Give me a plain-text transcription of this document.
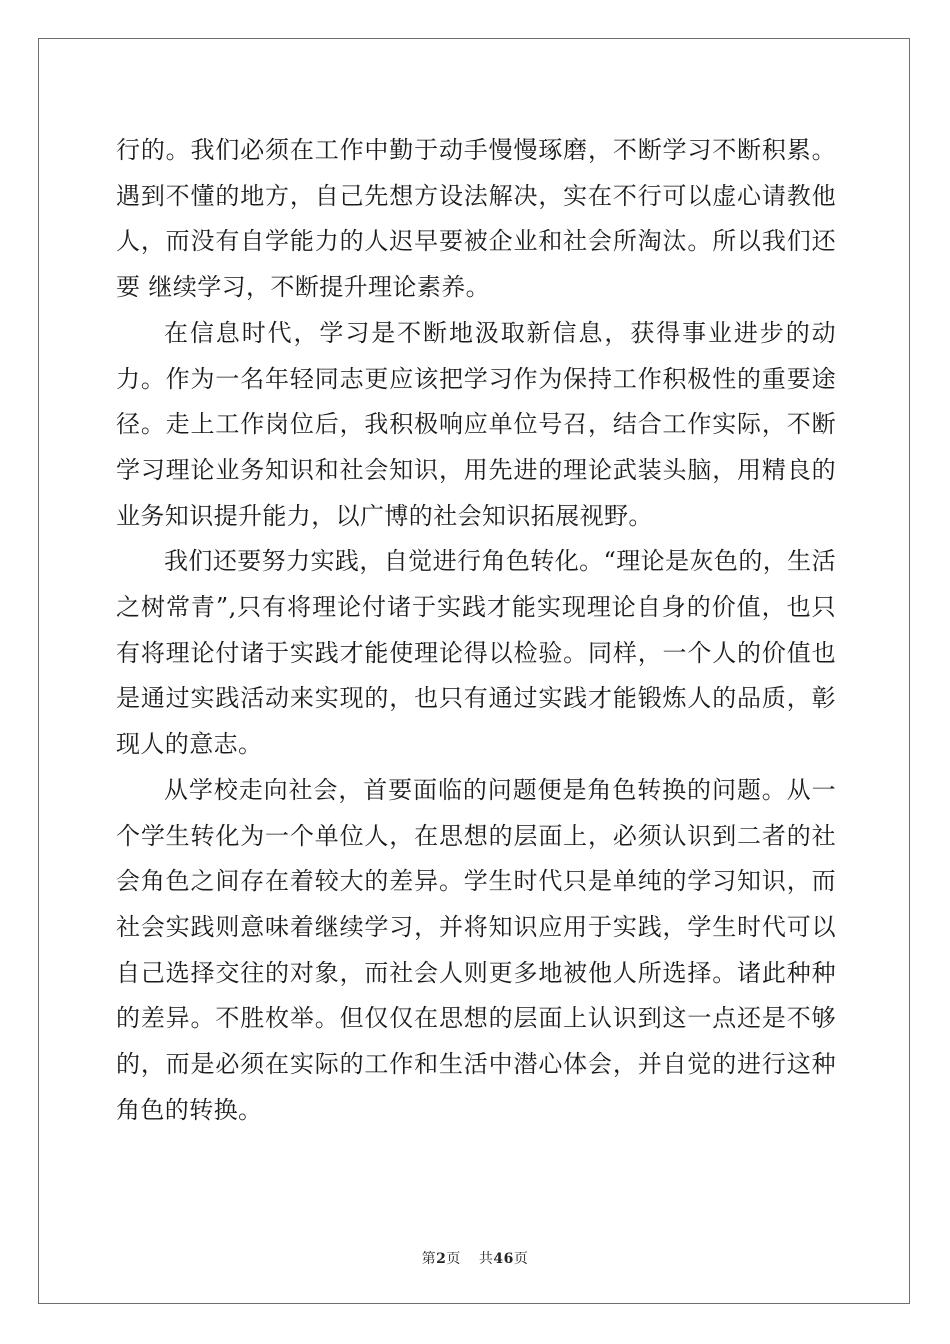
行的。我们必须在工作中勤于动手慢慢琢磨，不断学习不断积累。遇到不懂的地方，自己先想方设法解决，实在不行可以虚心请教他人，而没有自学能力的人迟早要被企业和社会所淘汰。所以我们还要 继续学习，不断提升理论素养。

在信息时代，学习是不断地汲取新信息，获得事业进步的动力。作为一名年轻同志更应该把学习作为保持工作积极性的重要途径。走上工作岗位后，我积极响应单位号召，结合工作实际，不断学习理论业务知识和社会知识，用先进的理论武装头脑，用精良的业务知识提升能力，以广博的社会知识拓展视野。

我们还要努力实践，自觉进行角色转化。“理论是灰色的，生活之树常青”,只有将理论付诸于实践才能实现理论自身的价值，也只有将理论付诸于实践才能使理论得以检验。同样，一个人的价值也是通过实践活动来实现的，也只有通过实践才能锻炼人的品质，彰现人的意志。

从学校走向社会，首要面临的问题便是角色转换的问题。从一个学生转化为一个单位人，在思想的层面上，必须认识到二者的社会角色之间存在着较大的差异。学生时代只是单纯的学习知识，而社会实践则意味着继续学习，并将知识应用于实践，学生时代可以自己选择交往的对象，而社会人则更多地被他人所选择。诸此种种的差异。不胜枚举。但仅仅在思想的层面上认识到这一点还是不够的，而是必须在实际的工作和生活中潜心体会，并自觉的进行这种角色的转换。

第2页 共46页
